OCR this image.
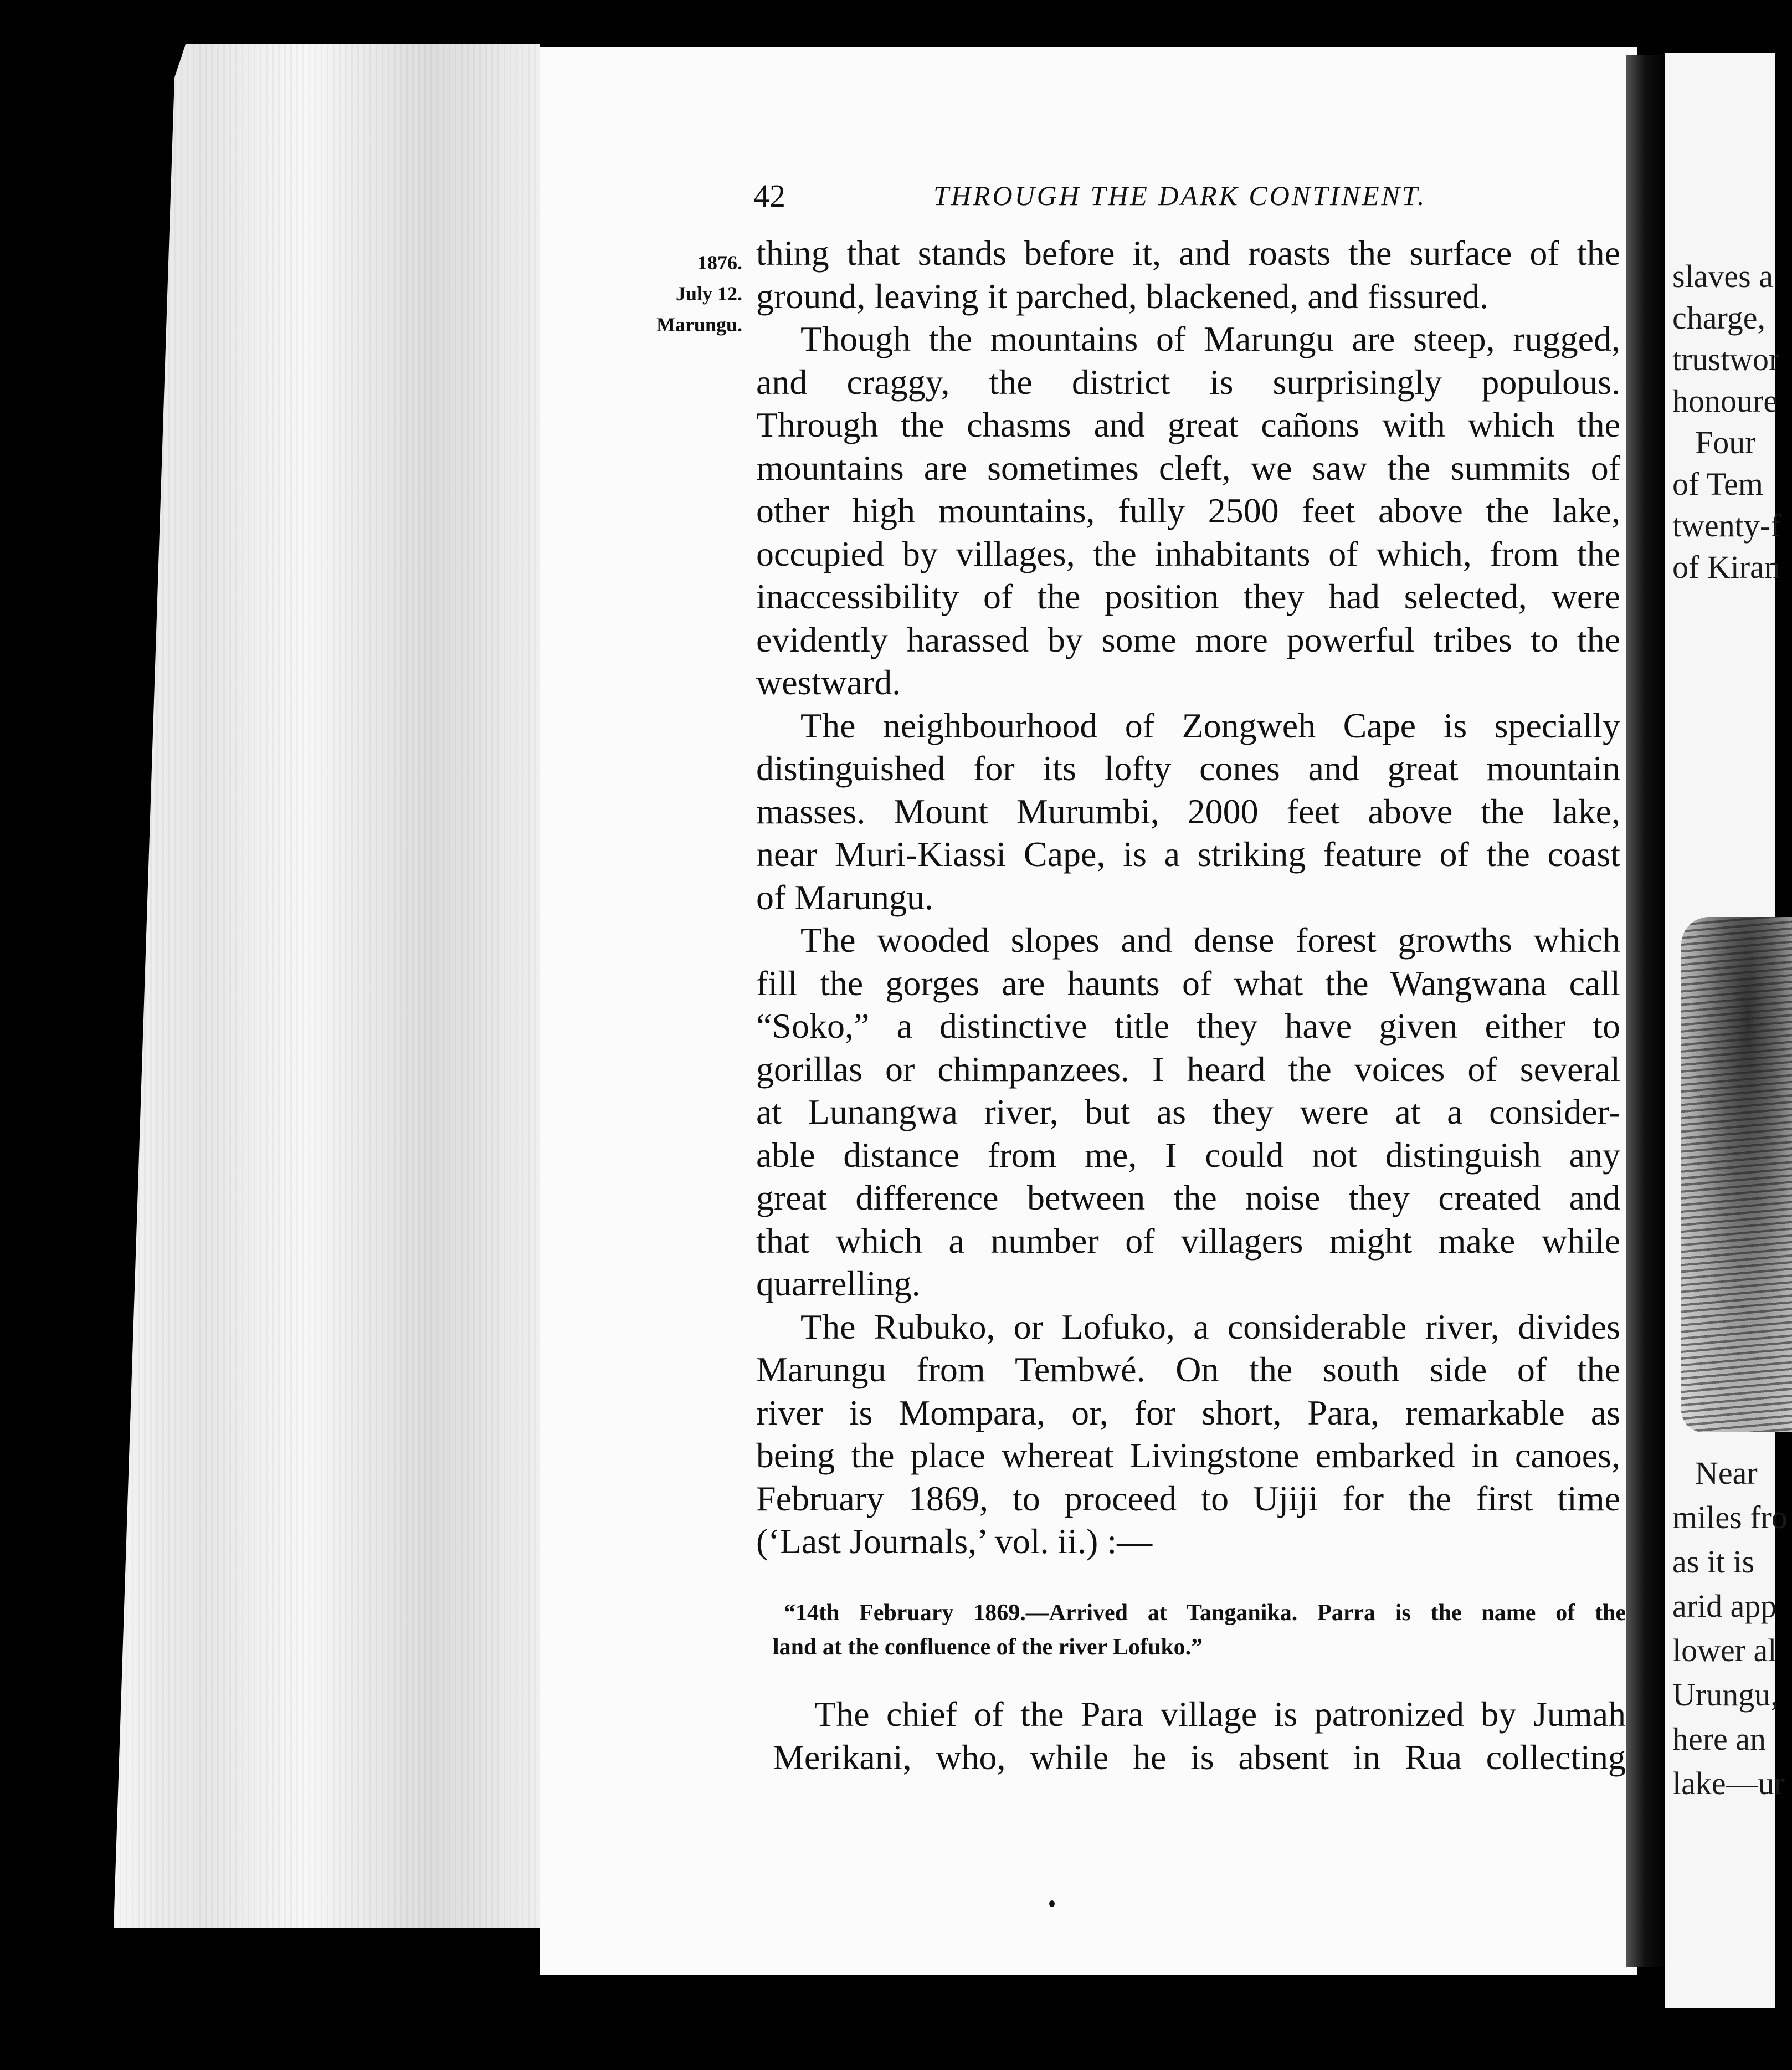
slaves a
charge,
trustwor
honoure
Four
of Tem
twenty-f
of Kiran
Near
miles fro
as it is
arid app
lower al
Urungu,
here an
lake—ur
42	THROUGH THE DARK CONTINENT.
1876.
July 12.
Marungu.
thing that stands before it, and roasts the surface of the
ground, leaving it parched, blackened, and fissured.
Though the mountains of Marungu are steep, rugged,
and craggy, the district is surprisingly populous.
Through the chasms and great cañons with which the
mountains are sometimes cleft, we saw the summits of
other high mountains, fully 2500 feet above the lake,
occupied by villages, the inhabitants of which, from the
inaccessibility of the position they had selected, were
evidently harassed by some more powerful tribes to the
westward.
The neighbourhood of Zongweh Cape is specially
distinguished for its lofty cones and great mountain
masses. Mount Murumbi, 2000 feet above the lake,
near Muri-Kiassi Cape, is a striking feature of the coast
of Marungu.
The wooded slopes and dense forest growths which
fill the gorges are haunts of what the Wangwana call
“Soko,” a distinctive title they have given either to
gorillas or chimpanzees. I heard the voices of several
at Lunangwa river, but as they were at a consider-
able distance from me, I could not distinguish any
great difference between the noise they created and
that which a number of villagers might make while
quarrelling.
The Rubuko, or Lofuko, a considerable river, divides
Marungu from Tembwé. On the south side of the
river is Mompara, or, for short, Para, remarkable as
being the place whereat Livingstone embarked in canoes,
February 1869, to proceed to Ujiji for the first time
(‘Last Journals,’ vol. ii.) :—
“14th February 1869.—Arrived at Tanganika. Parra is the name of the
land at the confluence of the river Lofuko.”
The chief of the Para village is patronized by Jumah
Merikani, who, while he is absent in Rua collecting
